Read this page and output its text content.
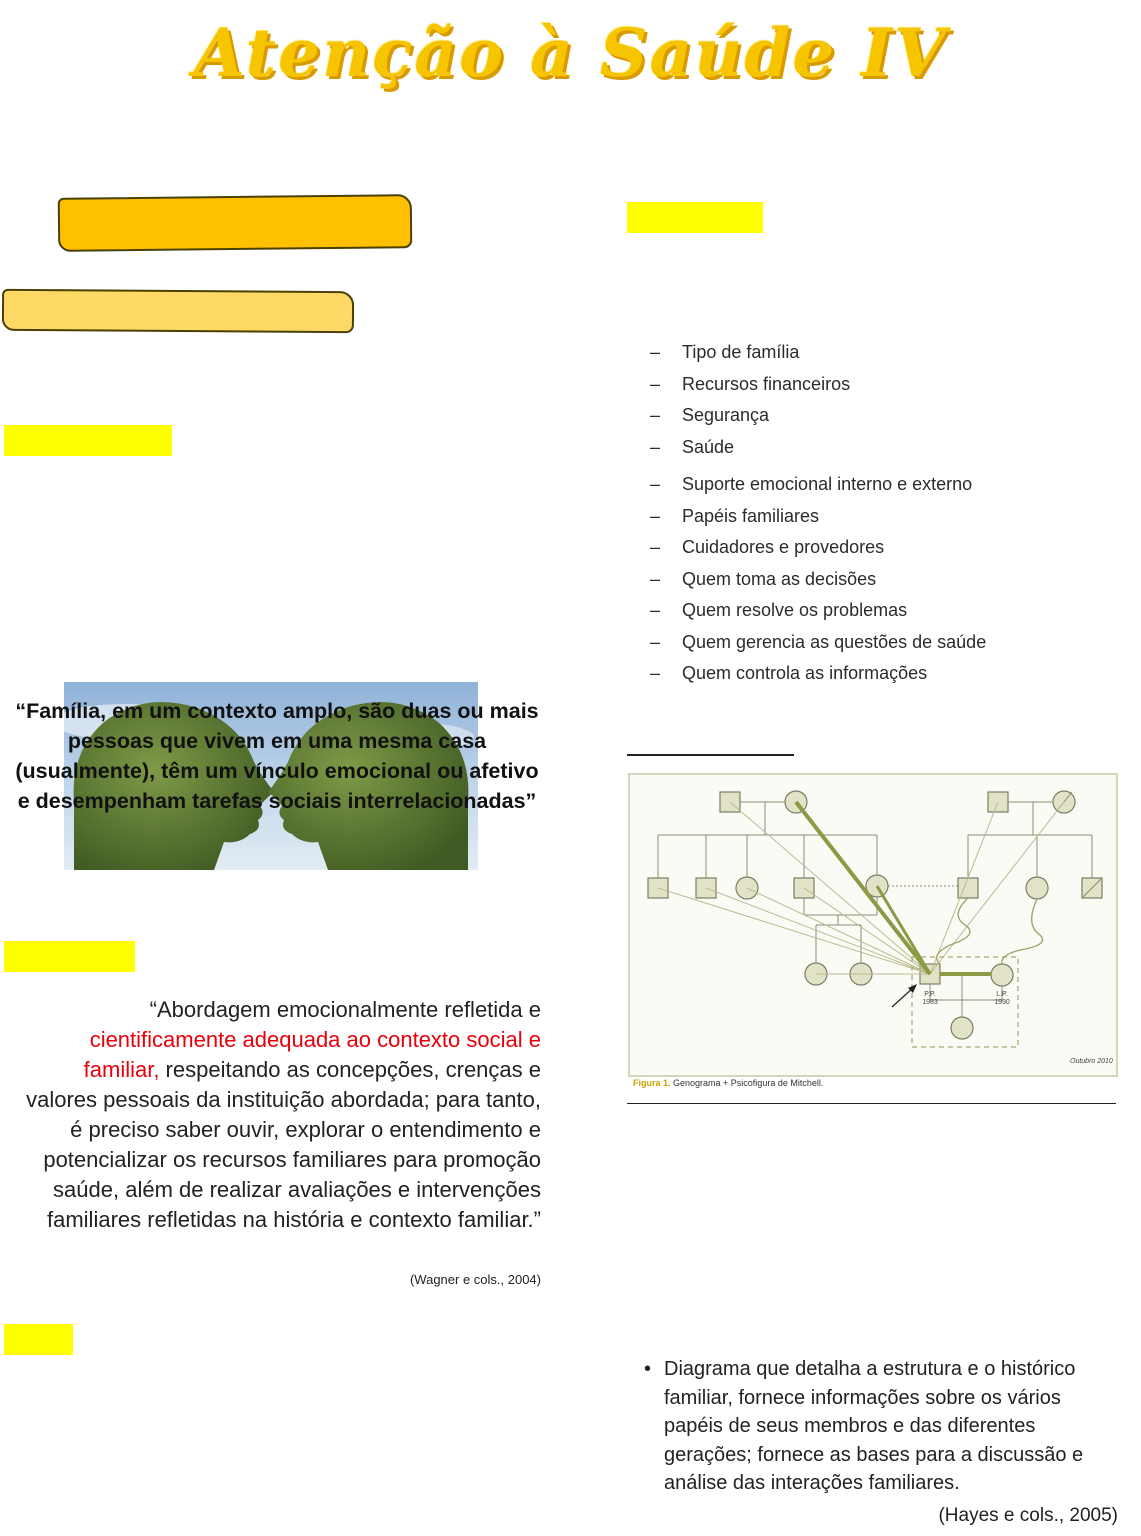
Atenção à Saúde IV
– Tipo de família
– Recursos financeiros
– Segurança
– Saúde
– Suporte emocional interno e externo
– Papéis familiares
– Cuidadores e provedores
– Quem toma as decisões
– Quem resolve os problemas
– Quem gerencia as questões de saúde
– Quem controla as informações
“Família, em um contexto amplo, são duas ou mais pessoas que vivem em uma mesma casa (usualmente), têm um vínculo emocional ou afetivo e desempenham tarefas sociais interrelacionadas”
“Abordagem emocionalmente refletida e cientificamente adequada ao contexto social e familiar, respeitando as concepções, crenças e valores pessoais da instituição abordada; para tanto, é preciso saber ouvir, explorar o entendimento e potencializar os recursos familiares para promoção saúde, além de realizar avaliações e intervenções familiares refletidas na história e contexto familiar.”
(Wagner e cols., 2004)
P.P.
1983
L.P.
1990
Outubro 2010
Figura 1. Genograma + Psicofigura de Mitchell.
• Diagrama que detalha a estrutura e o histórico familiar, fornece informações sobre os vários papéis de seus membros e das diferentes gerações; fornece as bases para a discussão e análise das interações familiares.
(Hayes e cols., 2005)
